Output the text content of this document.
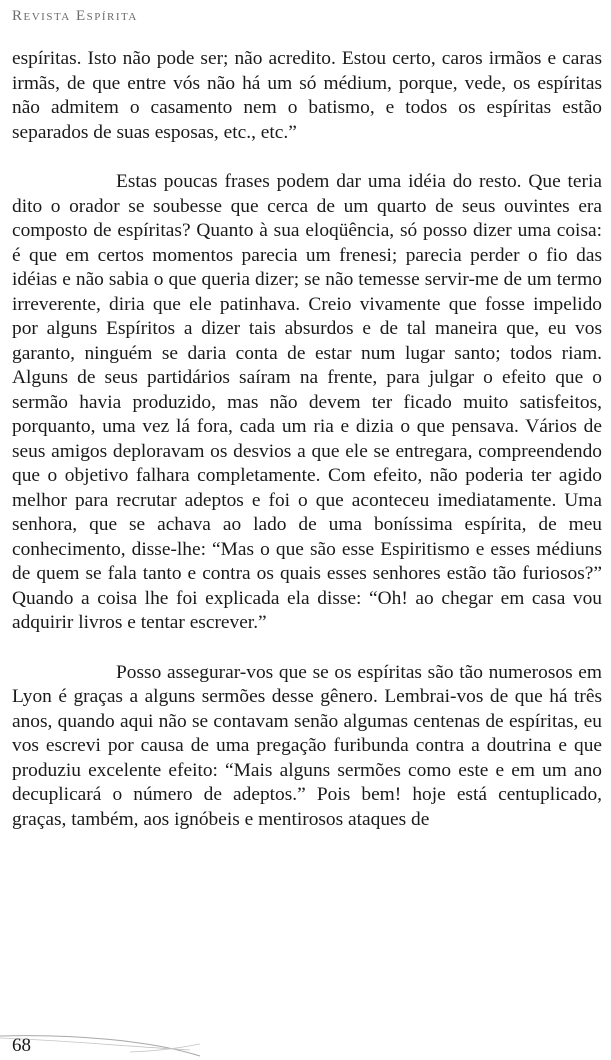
Revista Espírita

espíritas. Isto não pode ser; não acredito. Estou certo, caros irmãos e caras irmãs, de que entre vós não há um só médium, porque, vede, os espíritas não admitem o casamento nem o batismo, e todos os espíritas estão separados de suas esposas, etc., etc.”

Estas poucas frases podem dar uma idéia do resto. Que teria dito o orador se soubesse que cerca de um quarto de seus ouvintes era composto de espíritas? Quanto à sua eloqüência, só posso dizer uma coisa: é que em certos momentos parecia um frenesi; parecia perder o fio das idéias e não sabia o que queria dizer; se não temesse servir-me de um termo irreverente, diria que ele patinhava. Creio vivamente que fosse impelido por alguns Espíritos a dizer tais absurdos e de tal maneira que, eu vos garanto, ninguém se daria conta de estar num lugar santo; todos riam. Alguns de seus partidários saíram na frente, para julgar o efeito que o sermão havia produzido, mas não devem ter ficado muito satisfeitos, porquanto, uma vez lá fora, cada um ria e dizia o que pensava. Vários de seus amigos deploravam os desvios a que ele se entregara, compreendendo que o objetivo falhara completamente. Com efeito, não poderia ter agido melhor para recrutar adeptos e foi o que aconteceu imediatamente. Uma senhora, que se achava ao lado de uma boníssima espírita, de meu conhecimento, disse-lhe: “Mas o que são esse Espiritismo e esses médiuns de quem se fala tanto e contra os quais esses senhores estão tão furiosos?” Quando a coisa lhe foi explicada ela disse: “Oh! ao chegar em casa vou adquirir livros e tentar escrever.”

Posso assegurar-vos que se os espíritas são tão numerosos em Lyon é graças a alguns sermões desse gênero. Lembrai-vos de que há três anos, quando aqui não se contavam senão algumas centenas de espíritas, eu vos escrevi por causa de uma pregação furibunda contra a doutrina e que produziu excelente efeito: “Mais alguns sermões como este e em um ano decuplicará o número de adeptos.” Pois bem! hoje está centuplicado, graças, também, aos ignóbeis e mentirosos ataques de

68
